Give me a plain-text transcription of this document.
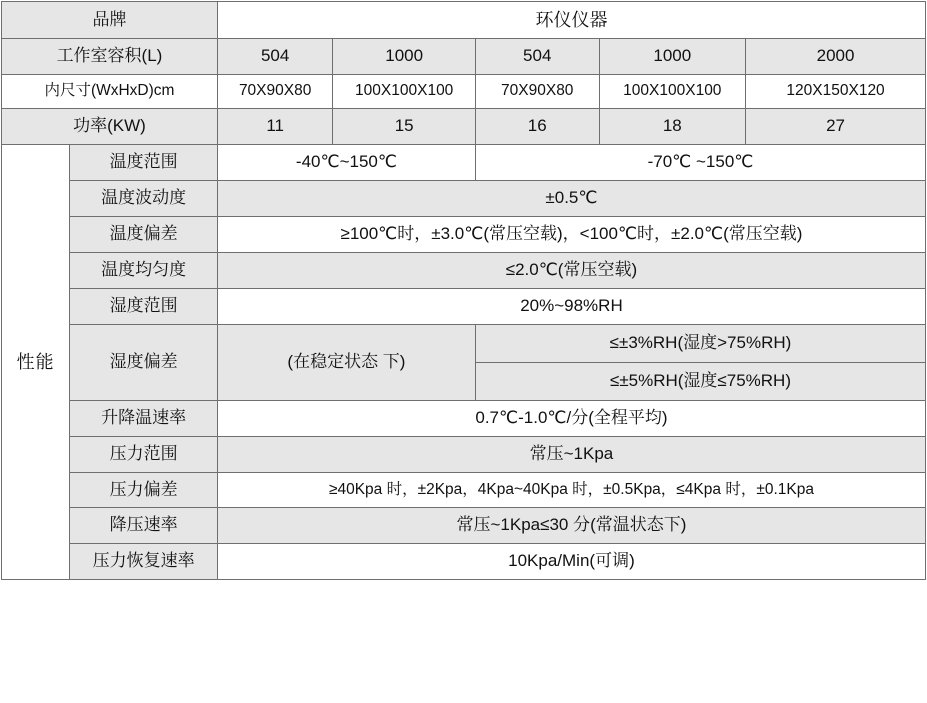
品牌		环仪仪器				
工作室容积(L)		504	1000	504	1000	2000
内尺寸(WxHxD)cm		70X90X80	100X100X100	70X90X80	100X100X100	120X150X120
功率(KW)		11	15	16	18	27
性能	温度范围	-40℃~150℃		-70℃ ~150℃		
	温度波动度	±0.5℃				
	温度偏差	≥100℃时，±3.0℃(常压空载)，<100℃时，±2.0℃(常压空载)				
	温度均匀度	≤2.0℃(常压空载)				
	湿度范围	20%~98%RH				
	湿度偏差	(在稳定状态 下)		≤±3%RH(湿度>75%RH)
≤±5%RH(湿度≤75%RH)		

	升降温速率	0.7℃-1.0℃/分(全程平均)				
	压力范围	常压~1Kpa				
	压力偏差	≥40Kpa 时，±2Kpa，4Kpa~40Kpa 时，±0.5Kpa，≤4Kpa 时，±0.1Kpa				
	降压速率	常压~1Kpa≤30 分(常温状态下)				
	压力恢复速率	10Kpa/Min(可调)				
